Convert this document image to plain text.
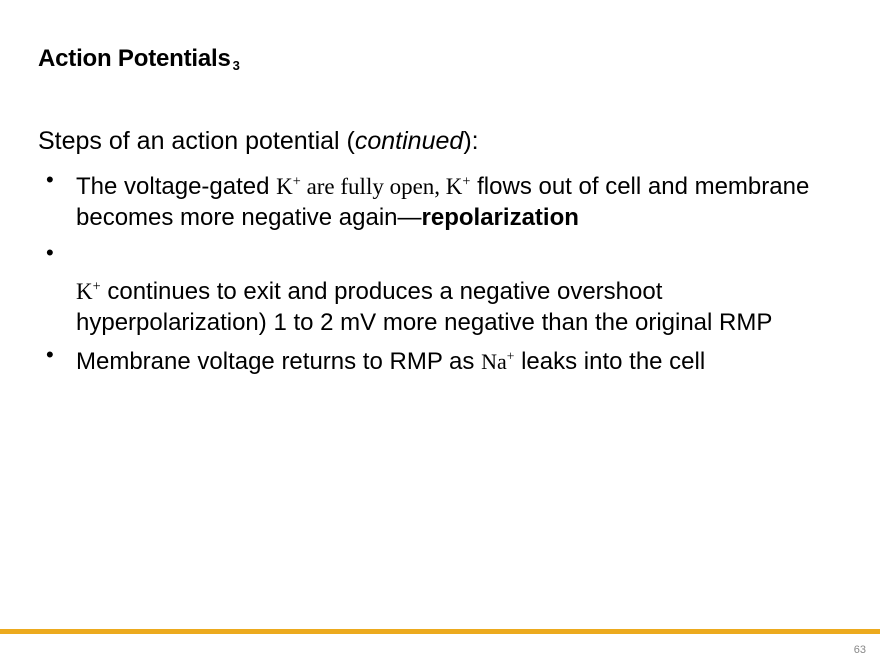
Action Potentials 3

Steps of an action potential (continued):

• The voltage-gated K+ are fully open, K+ flows out of cell and membrane becomes more negative again—repolarization
• K+ continues to exit and produces a negative overshoot hyperpolarization) 1 to 2 mV more negative than the original RMP
• Membrane voltage returns to RMP as Na+ leaks into the cell
63
